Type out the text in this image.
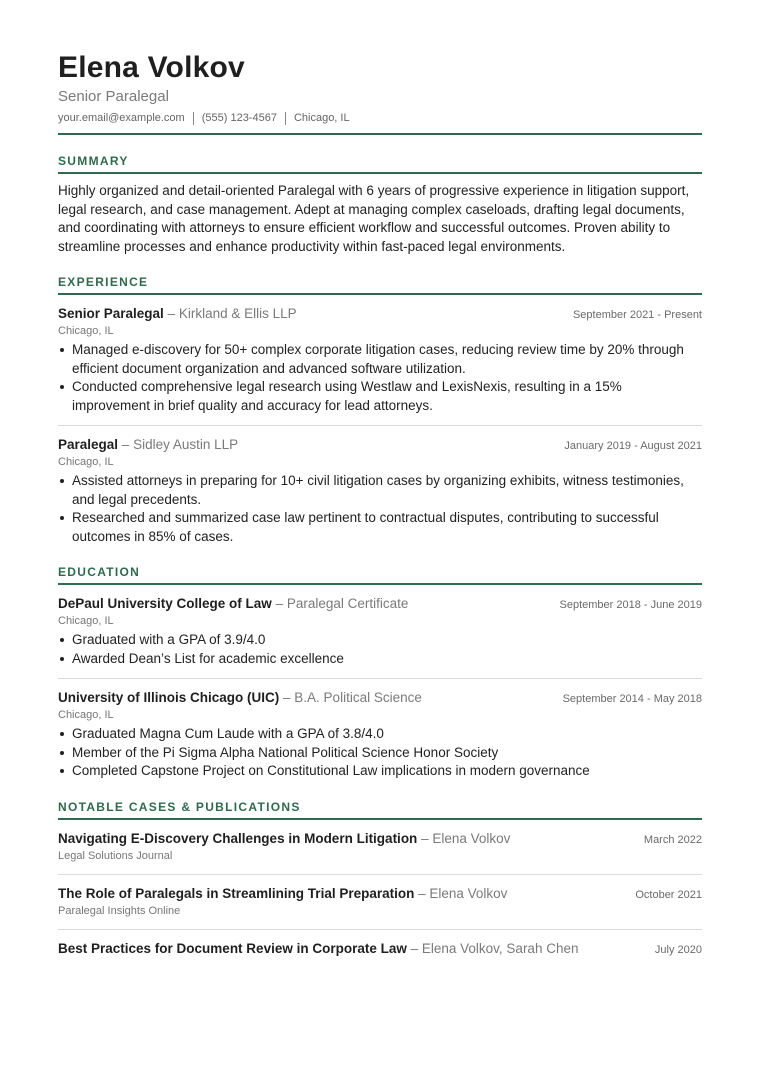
Elena Volkov
Senior Paralegal
your.email@example.com (555) 123-4567 Chicago, IL
SUMMARY

Highly organized and detail-oriented Paralegal with 6 years of progressive experience in litigation support, legal research, and case management. Adept at managing complex caseloads, drafting legal documents, and coordinating with attorneys to ensure efficient workflow and successful outcomes. Proven ability to streamline processes and enhance productivity within fast-paced legal environments.

EXPERIENCE
Senior Paralegal – Kirkland & Ellis LLP	September 2021 - Present
Chicago, IL
Managed e-discovery for 50+ complex corporate litigation cases, reducing review time by 20% through efficient document organization and advanced software utilization.
Conducted comprehensive legal research using Westlaw and LexisNexis, resulting in a 15% improvement in brief quality and accuracy for lead attorneys.
Paralegal – Sidley Austin LLP	January 2019 - August 2021
Chicago, IL
Assisted attorneys in preparing for 10+ civil litigation cases by organizing exhibits, witness testimonies, and legal precedents.
Researched and summarized case law pertinent to contractual disputes, contributing to successful outcomes in 85% of cases.
EDUCATION
DePaul University College of Law – Paralegal Certificate	September 2018 - June 2019
Chicago, IL
Graduated with a GPA of 3.9/4.0
Awarded Dean’s List for academic excellence
University of Illinois Chicago (UIC) – B.A. Political Science	September 2014 - May 2018
Chicago, IL
Graduated Magna Cum Laude with a GPA of 3.8/4.0
Member of the Pi Sigma Alpha National Political Science Honor Society
Completed Capstone Project on Constitutional Law implications in modern governance
NOTABLE CASES & PUBLICATIONS
Navigating E-Discovery Challenges in Modern Litigation – Elena Volkov	March 2022
Legal Solutions Journal
The Role of Paralegals in Streamlining Trial Preparation – Elena Volkov	October 2021
Paralegal Insights Online
Best Practices for Document Review in Corporate Law – Elena Volkov, Sarah Chen	July 2020
